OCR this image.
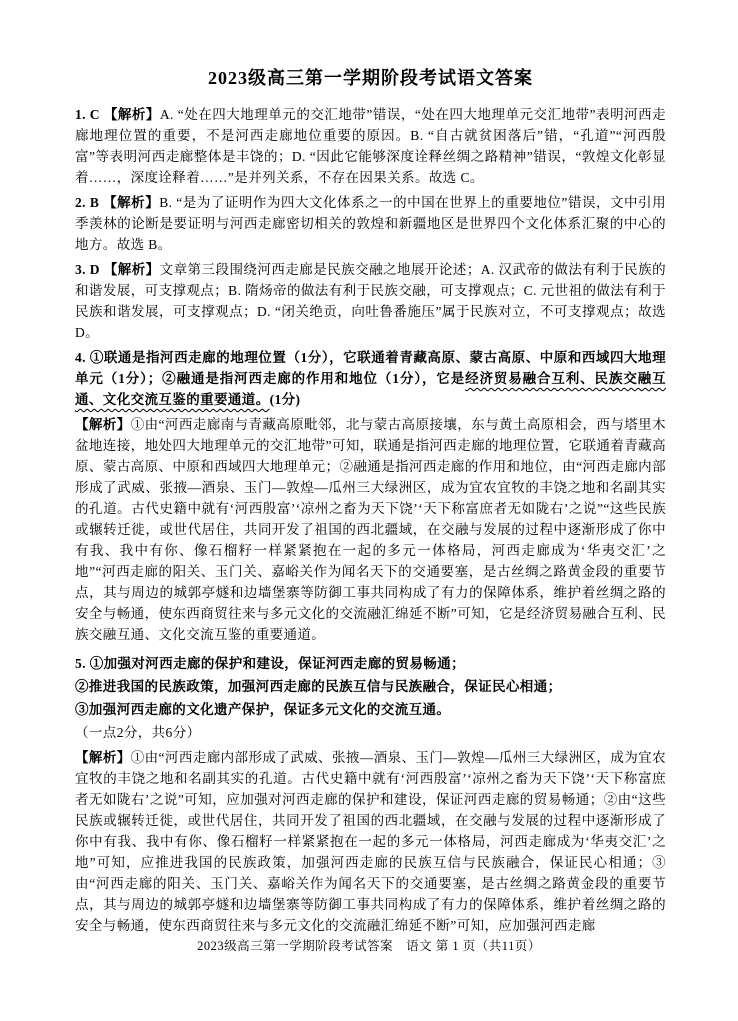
2023级高三第一学期阶段考试语文答案

1. C 【解析】A. “处在四大地理单元的交汇地带”错误，“处在四大地理单元交汇地带”表明河西走廊地理位置的重要，不是河西走廊地位重要的原因。B. “自古就贫困落后”错，“孔道”“河西殷富”等表明河西走廊整体是丰饶的；D. “因此它能够深度诠释丝绸之路精神”错误，“敦煌文化彰显着……，深度诠释着……”是并列关系，不存在因果关系。故选 C。

2. B 【解析】B. “是为了证明作为四大文化体系之一的中国在世界上的重要地位”错误，文中引用季羡林的论断是要证明与河西走廊密切相关的敦煌和新疆地区是世界四个文化体系汇聚的中心的地方。故选 B。

3. D 【解析】文章第三段围绕河西走廊是民族交融之地展开论述；A. 汉武帝的做法有利于民族的和谐发展，可支撑观点；B. 隋炀帝的做法有利于民族交融，可支撑观点；C. 元世祖的做法有利于民族和谐发展，可支撑观点；D. “闭关绝贡，向吐鲁番施压”属于民族对立，不可支撑观点；故选 D。

4. ①联通是指河西走廊的地理位置（1分），它联通着青藏高原、蒙古高原、中原和西域四大地理单元（1分）；②融通是指河西走廊的作用和地位（1分），它是经济贸易融合互利、民族交融互通、文化交流互鉴的重要通道。(1分)

【解析】①由“河西走廊南与青藏高原毗邻，北与蒙古高原接壤，东与黄土高原相会，西与塔里木盆地连接，地处四大地理单元的交汇地带”可知，联通是指河西走廊的地理位置，它联通着青藏高原、蒙古高原、中原和西域四大地理单元；②融通是指河西走廊的作用和地位，由“河西走廊内部形成了武威、张掖—酒泉、玉门—敦煌—瓜州三大绿洲区，成为宜农宜牧的丰饶之地和名副其实的孔道。古代史籍中就有‘河西殷富’‘凉州之畜为天下饶’‘天下称富庶者无如陇右’之说”“这些民族或辗转迁徙，或世代居住，共同开发了祖国的西北疆域，在交融与发展的过程中逐渐形成了你中有我、我中有你、像石榴籽一样紧紧抱在一起的多元一体格局，河西走廊成为‘华夷交汇’之地”“河西走廊的阳关、玉门关、嘉峪关作为闻名天下的交通要塞，是古丝绸之路黄金段的重要节点，其与周边的城郭亭燧和边墙堡寨等防御工事共同构成了有力的保障体系，维护着丝绸之路的安全与畅通，使东西商贸往来与多元文化的交流融汇绵延不断”可知，它是经济贸易融合互利、民族交融互通、文化交流互鉴的重要通道。

5. ①加强对河西走廊的保护和建设，保证河西走廊的贸易畅通；

②推进我国的民族政策，加强河西走廊的民族互信与民族融合，保证民心相通；

③加强河西走廊的文化遗产保护，保证多元文化的交流互通。

（一点2分，共6分）

【解析】①由“河西走廊内部形成了武威、张掖—酒泉、玉门—敦煌—瓜州三大绿洲区，成为宜农宜牧的丰饶之地和名副其实的孔道。古代史籍中就有‘河西殷富’‘凉州之畜为天下饶’‘天下称富庶者无如陇右’之说”可知，应加强对河西走廊的保护和建设，保证河西走廊的贸易畅通；②由“这些民族或辗转迁徙，或世代居住，共同开发了祖国的西北疆域，在交融与发展的过程中逐渐形成了你中有我、我中有你、像石榴籽一样紧紧抱在一起的多元一体格局，河西走廊成为‘华夷交汇’之地”可知，应推进我国的民族政策，加强河西走廊的民族互信与民族融合，保证民心相通；③由“河西走廊的阳关、玉门关、嘉峪关作为闻名天下的交通要塞，是古丝绸之路黄金段的重要节点，其与周边的城郭亭燧和边墙堡寨等防御工事共同构成了有力的保障体系，维护着丝绸之路的安全与畅通，使东西商贸往来与多元文化的交流融汇绵延不断”可知，应加强河西走廊

2023级高三第一学期阶段考试答案　语文 第 1 页（共11页）
